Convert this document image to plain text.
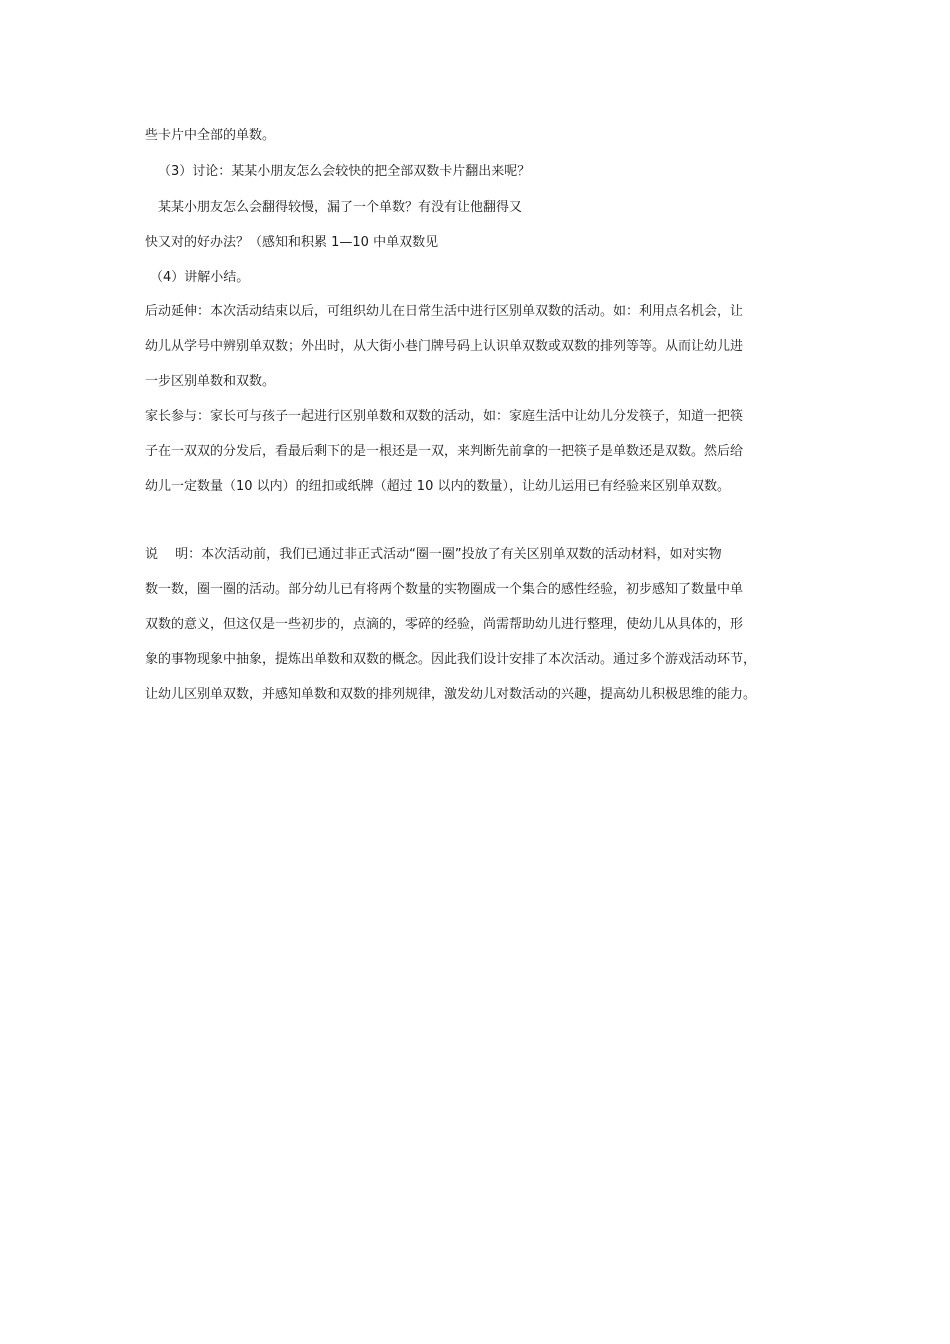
些卡片中全部的单数。
（3）讨论：某某小朋友怎么会较快的把全部双数卡片翻出来呢？
某某小朋友怎么会翻得较慢，漏了一个单数？有没有让他翻得又
快又对的好办法？（感知和积累 1—10 中单双数见
（4）讲解小结。
后动延伸：本次活动结束以后，可组织幼儿在日常生活中进行区别单双数的活动。如：利用点名机会，让
幼儿从学号中辨别单双数；外出时，从大街小巷门牌号码上认识单双数或双数的排列等等。从而让幼儿进
一步区别单数和双数。
家长参与：家长可与孩子一起进行区别单数和双数的活动，如：家庭生活中让幼儿分发筷子，知道一把筷
子在一双双的分发后，看最后剩下的是一根还是一双，来判断先前拿的一把筷子是单数还是双数。然后给
幼儿一定数量（10 以内）的纽扣或纸牌（超过 10 以内的数量），让幼儿运用已有经验来区别单双数。
说　 明：本次活动前，我们已通过非正式活动“圈一圈”投放了有关区别单双数的活动材料，如对实物
数一数，圈一圈的活动。部分幼儿已有将两个数量的实物圈成一个集合的感性经验，初步感知了数量中单
双数的意义，但这仅是一些初步的，点滴的，零碎的经验，尚需帮助幼儿进行整理，使幼儿从具体的，形
象的事物现象中抽象，提炼出单数和双数的概念。因此我们设计安排了本次活动。通过多个游戏活动环节，
让幼儿区别单双数，并感知单数和双数的排列规律，激发幼儿对数活动的兴趣，提高幼儿积极思维的能力。
